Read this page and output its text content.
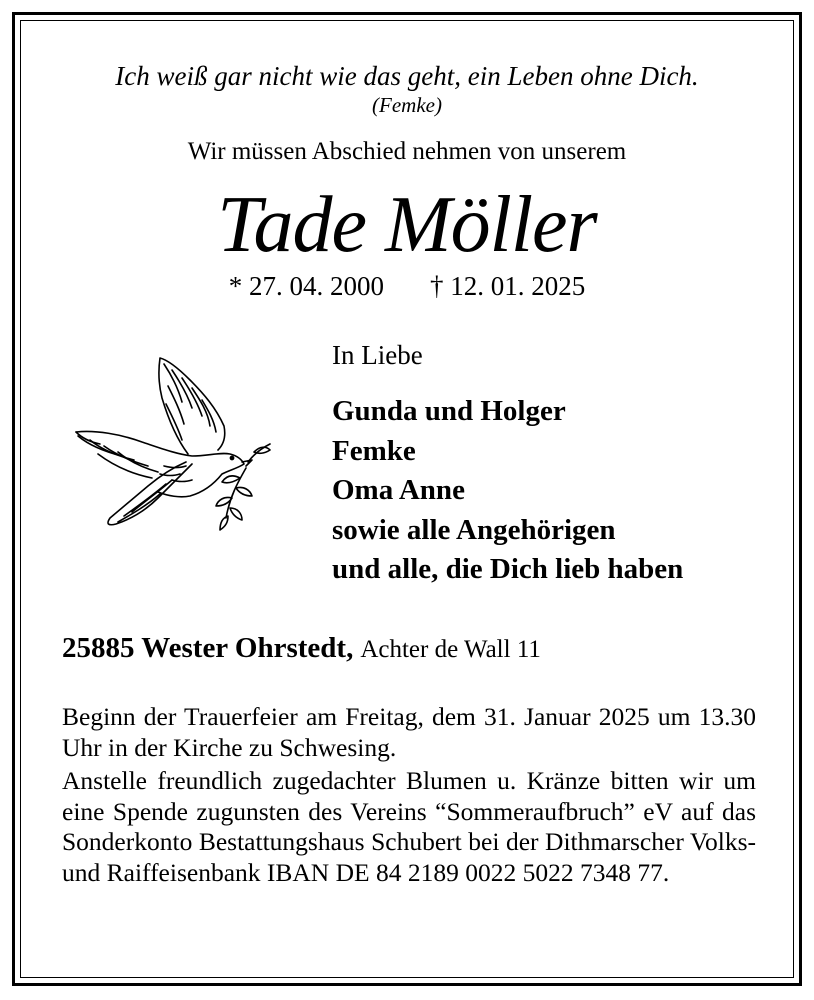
Ich weiß gar nicht wie das geht, ein Leben ohne Dich.
(Femke)
Wir müssen Abschied nehmen von unserem
Tade Möller
* 27. 04. 2000 † 12. 01. 2025
In Liebe
Gunda und Holger
Femke
Oma Anne
sowie alle Angehörigen
und alle, die Dich lieb haben
25885 Wester Ohrstedt, Achter de Wall 11
Beginn der Trauerfeier am Freitag, dem 31. Januar 2025 um 13.30 Uhr in der Kirche zu Schwesing.
Anstelle freundlich zugedachter Blumen u. Kränze bitten wir um eine Spende zugunsten des Vereins “Sommeraufbruch” eV auf das Sonderkonto Bestattungshaus Schubert bei der Dithmarscher Volks- und Raiffeisenbank IBAN DE 84 2189 0022 5022 7348 77.
